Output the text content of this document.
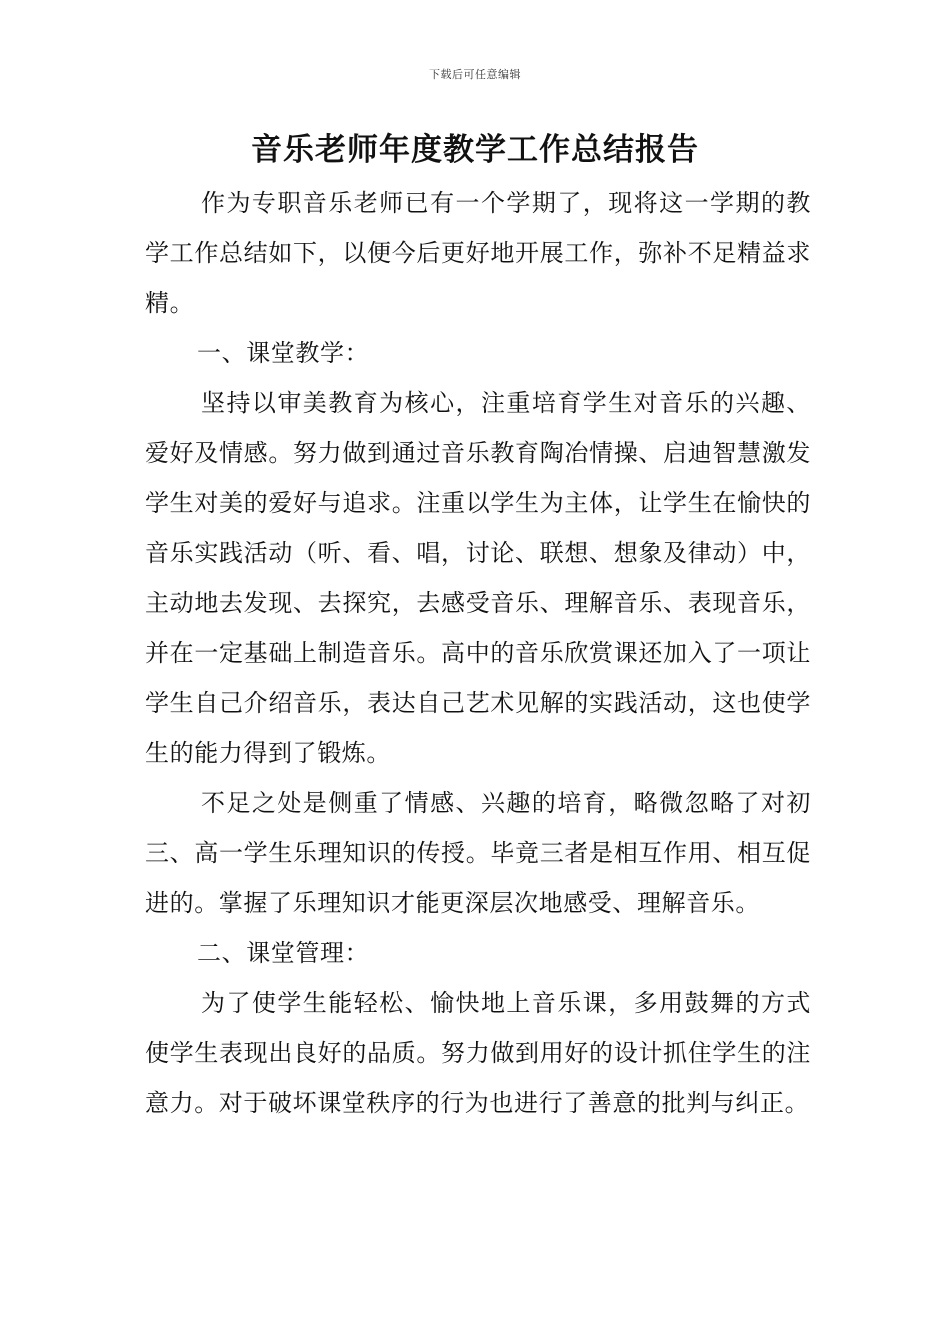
下载后可任意编辑
音乐老师年度教学工作总结报告

作为专职音乐老师已有一个学期了，现将这一学期的教学工作总结如下，以便今后更好地开展工作，弥补不足精益求精。

一、课堂教学：

坚持以审美教育为核心，注重培育学生对音乐的兴趣、爱好及情感。努力做到通过音乐教育陶冶情操、启迪智慧激发学生对美的爱好与追求。注重以学生为主体，让学生在愉快的音乐实践活动（听、看、唱，讨论、联想、想象及律动）中，主动地去发现、去探究，去感受音乐、理解音乐、表现音乐，并在一定基础上制造音乐。高中的音乐欣赏课还加入了一项让学生自己介绍音乐，表达自己艺术见解的实践活动，这也使学生的能力得到了锻炼。

不足之处是侧重了情感、兴趣的培育，略微忽略了对初三、高一学生乐理知识的传授。毕竟三者是相互作用、相互促进的。掌握了乐理知识才能更深层次地感受、理解音乐。

二、课堂管理：

为了使学生能轻松、愉快地上音乐课，多用鼓舞的方式使学生表现出良好的品质。努力做到用好的设计抓住学生的注意力。对于破坏课堂秩序的行为也进行了善意的批判与纠正。
